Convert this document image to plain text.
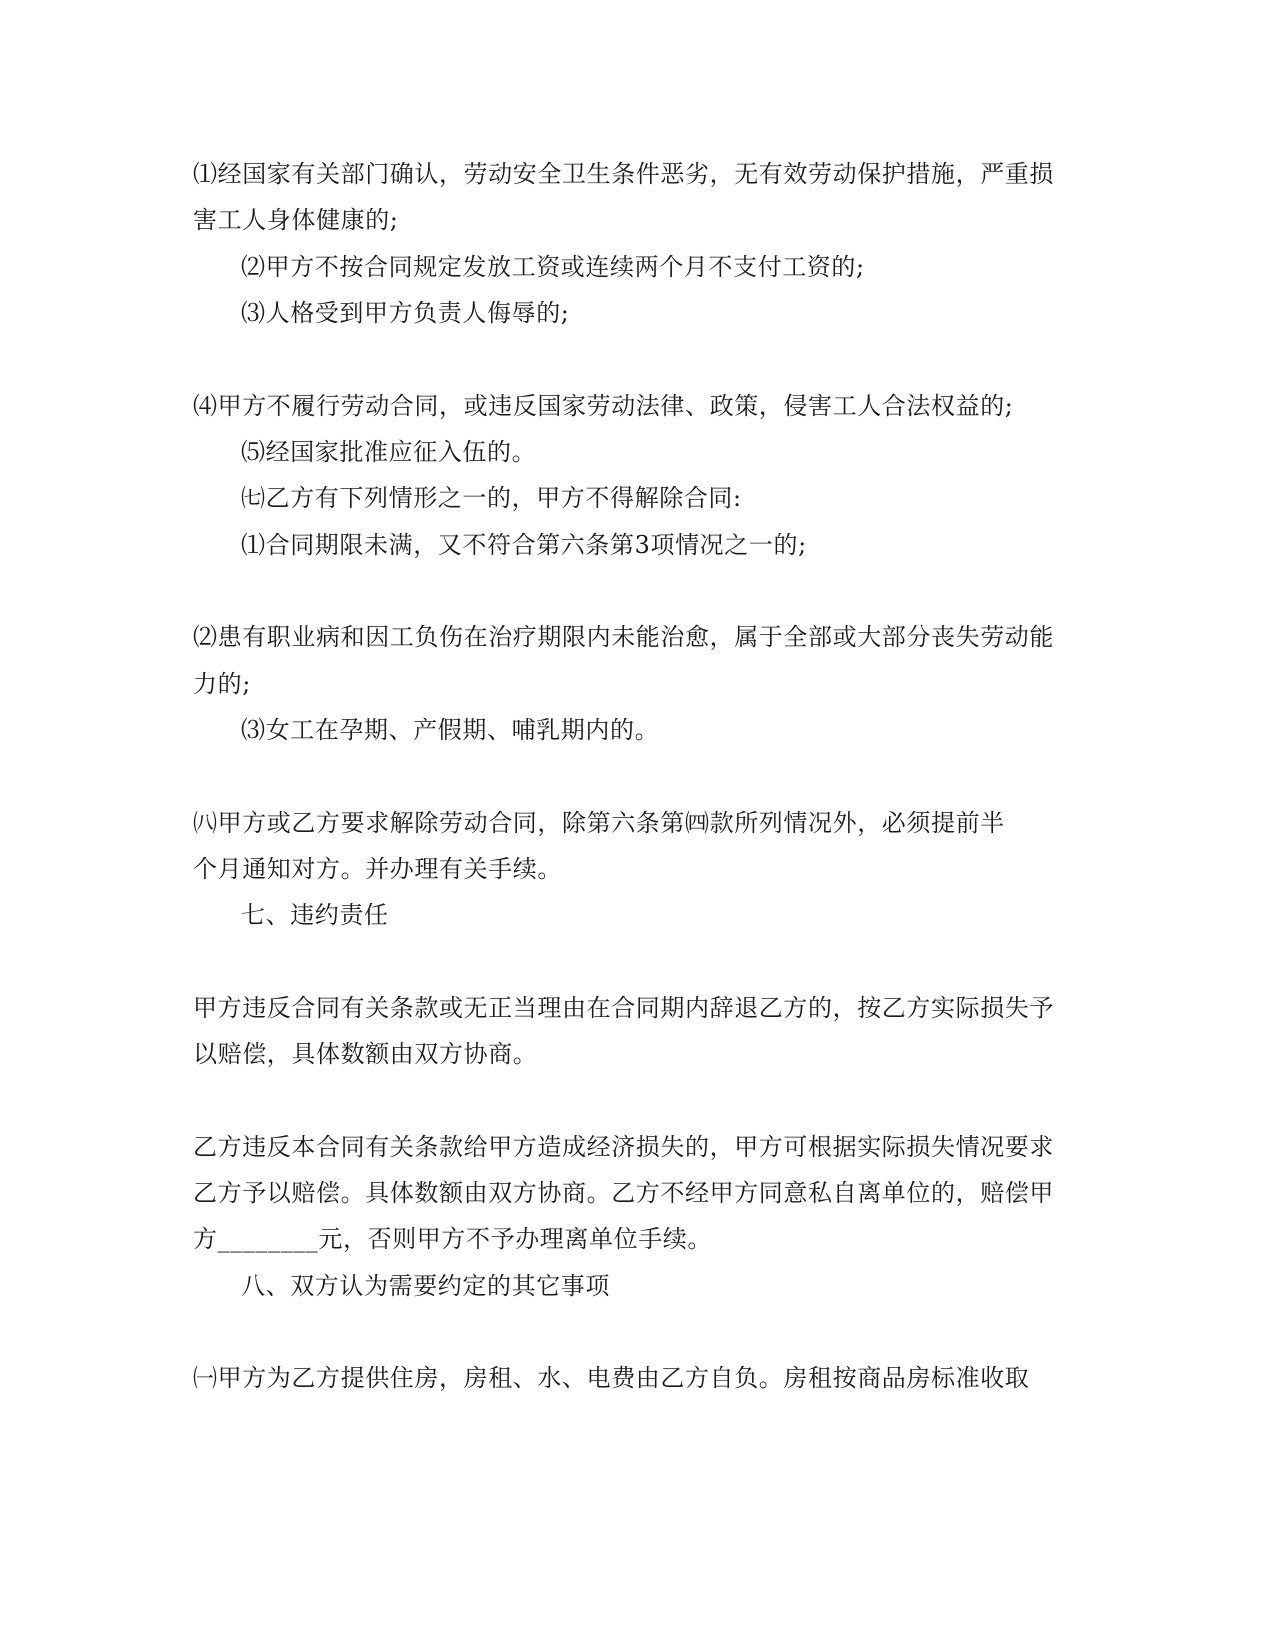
⑴经国家有关部门确认，劳动安全卫生条件恶劣，无有效劳动保护措施，严重损
害工人身体健康的;
⑵甲方不按合同规定发放工资或连续两个月不支付工资的;
⑶人格受到甲方负责人侮辱的;
⑷甲方不履行劳动合同，或违反国家劳动法律、政策，侵害工人合法权益的;
⑸经国家批准应征入伍的。
㈦乙方有下列情形之一的，甲方不得解除合同:
⑴合同期限未满，又不符合第六条第3项情况之一的;
⑵患有职业病和因工负伤在治疗期限内未能治愈，属于全部或大部分丧失劳动能
力的;
⑶女工在孕期、产假期、哺乳期内的。
㈧甲方或乙方要求解除劳动合同，除第六条第㈣款所列情况外，必须提前半
个月通知对方。并办理有关手续。
七、违约责任
甲方违反合同有关条款或无正当理由在合同期内辞退乙方的，按乙方实际损失予
以赔偿，具体数额由双方协商。
乙方违反本合同有关条款给甲方造成经济损失的，甲方可根据实际损失情况要求
乙方予以赔偿。具体数额由双方协商。乙方不经甲方同意私自离单位的，赔偿甲
方________元，否则甲方不予办理离单位手续。
八、双方认为需要约定的其它事项
㈠甲方为乙方提供住房，房租、水、电费由乙方自负。房租按商品房标准收取
